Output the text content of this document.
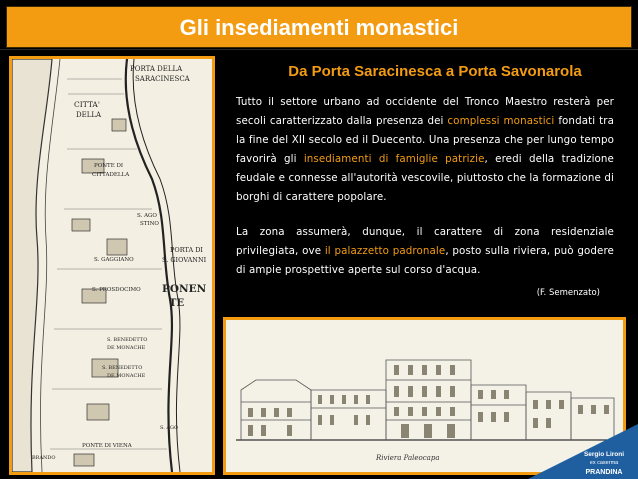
Gli insediamenti monastici
PORTA DELLA
SARACINESCA
CITTA'
DELLA
PONTE DI
CITTADELLA
S. AGO
STINO
PORTA DI
S. GIOVANNI
S. GAGGIANO
S. PROSDOCIMO PONEN
TE
S. BENEDETTO
DE MONACHE
S. BENEDETTO
DE MONACHE
BRANDO
PONTE DI VIENA
S. AGO
Da Porta Saracinesca a Porta Savonarola
Tutto il settore urbano ad occidente del Tronco Maestro resterà per secoli caratterizzato dalla presenza dei complessi monastici fondati tra la fine del XII secolo ed il Duecento. Una presenza che per lungo tempo favorirà gli insediamenti di famiglie patrizie, eredi della tradizione feudale e connesse all'autorità vescovile, piuttosto che la formazione di borghi di carattere popolare.
La zona assumerà, dunque, il carattere di zona residenziale privilegiata, ove il palazzetto padronale, posto sulla riviera, può godere di ampie prospettive aperte sul corso d'acqua.
(F. Semenzato)
Riviera Paleocapa	Sergio Lironi
ex caserma
PRANDINA
